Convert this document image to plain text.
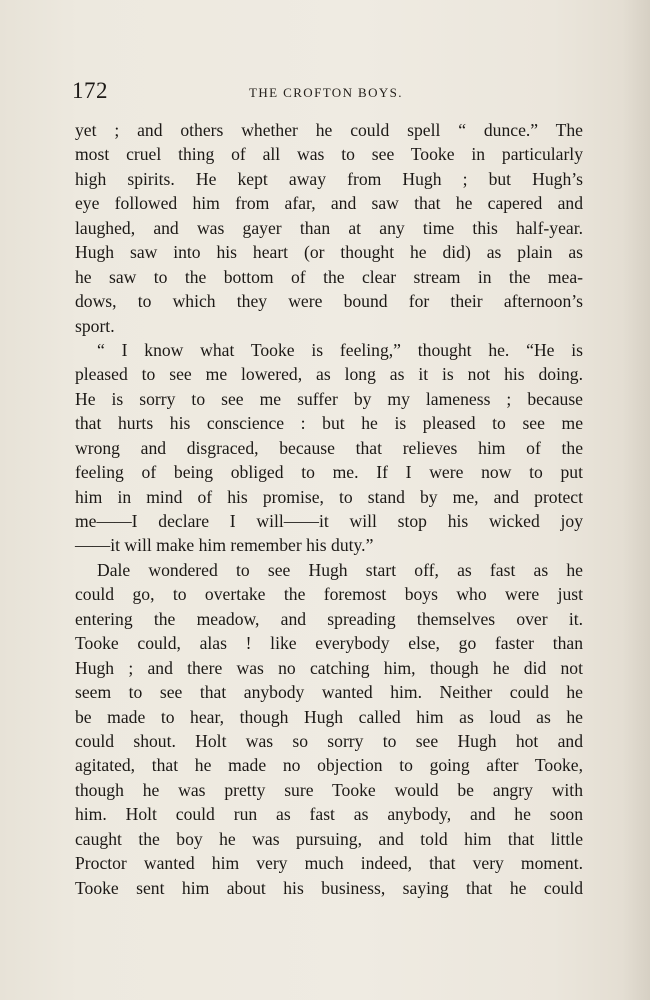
172	THE CROFTON BOYS.
yet ; and others whether he could spell “ dunce.” The
most cruel thing of all was to see Tooke in particularly
high spirits. He kept away from Hugh ; but Hugh’s
eye followed him from afar, and saw that he capered and
laughed, and was gayer than at any time this half-year.
Hugh saw into his heart (or thought he did) as plain as
he saw to the bottom of the clear stream in the mea-
dows, to which they were bound for their afternoon’s
sport.
“ I know what Tooke is feeling,” thought he. “He is
pleased to see me lowered, as long as it is not his doing.
He is sorry to see me suffer by my lameness ; because
that hurts his conscience : but he is pleased to see me
wrong and disgraced, because that relieves him of the
feeling of being obliged to me. If I were now to put
him in mind of his promise, to stand by me, and protect
me——I declare I will——it will stop his wicked joy
——it will make him remember his duty.”
Dale wondered to see Hugh start off, as fast as he
could go, to overtake the foremost boys who were just
entering the meadow, and spreading themselves over it.
Tooke could, alas ! like everybody else, go faster than
Hugh ; and there was no catching him, though he did not
seem to see that anybody wanted him. Neither could he
be made to hear, though Hugh called him as loud as he
could shout. Holt was so sorry to see Hugh hot and
agitated, that he made no objection to going after Tooke,
though he was pretty sure Tooke would be angry with
him. Holt could run as fast as anybody, and he soon
caught the boy he was pursuing, and told him that little
Proctor wanted him very much indeed, that very moment.
Tooke sent him about his business, saying that he could
